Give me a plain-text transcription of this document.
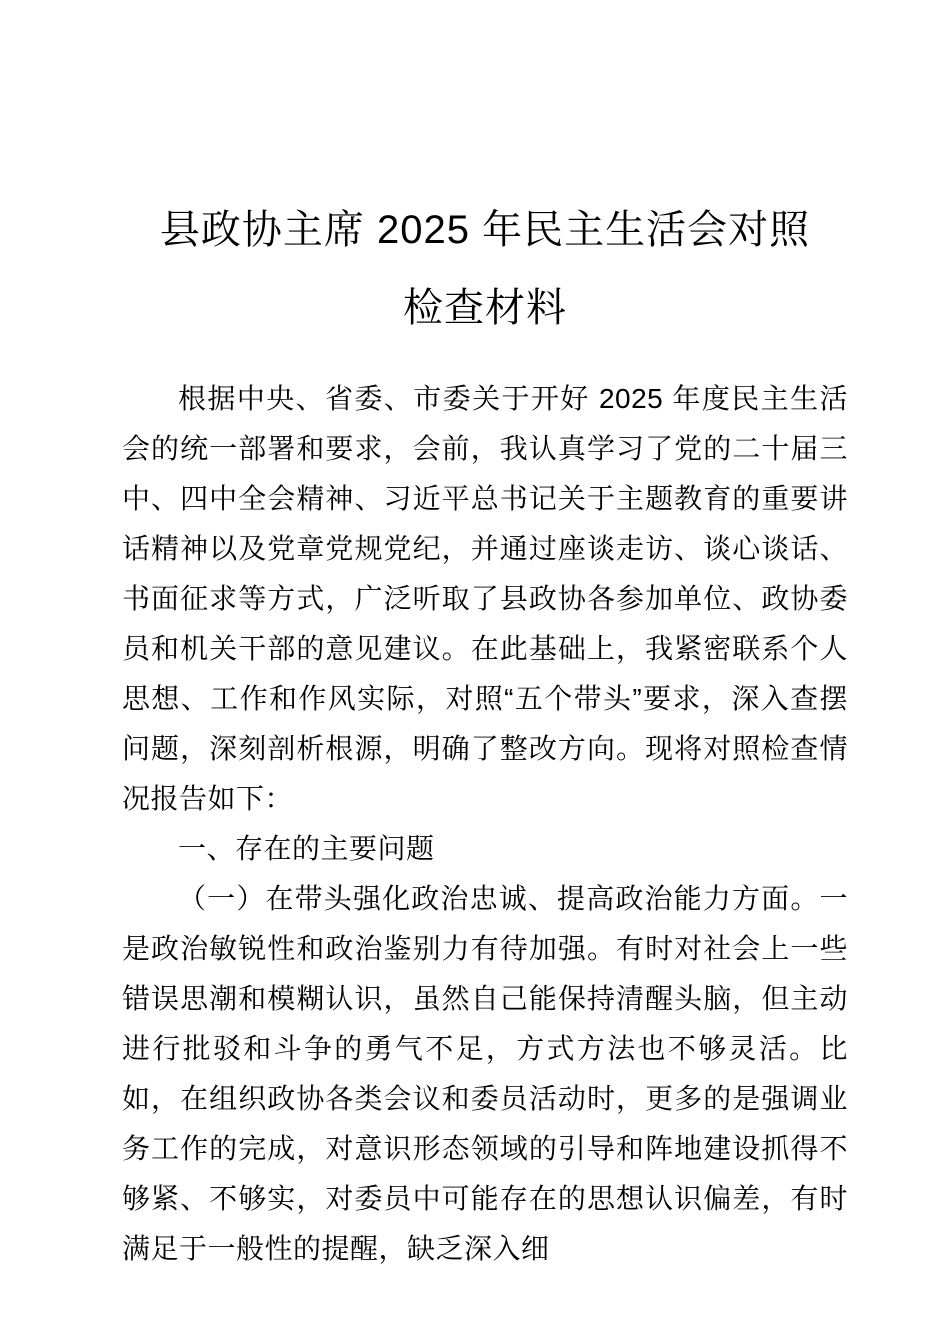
县政协主席 2025 年民主生活会对照
检查材料

根据中央、省委、市委关于开好 2025 年度民主生活会的统一部署和要求，会前，我认真学习了党的二十届三中、四中全会精神、习近平总书记关于主题教育的重要讲话精神以及党章党规党纪，并通过座谈走访、谈心谈话、书面征求等方式，广泛听取了县政协各参加单位、政协委员和机关干部的意见建议。在此基础上，我紧密联系个人思想、工作和作风实际，对照“五个带头”要求，深入查摆问题，深刻剖析根源，明确了整改方向。现将对照检查情况报告如下：

一、存在的主要问题

（一）在带头强化政治忠诚、提高政治能力方面。一是政治敏锐性和政治鉴别力有待加强。有时对社会上一些错误思潮和模糊认识，虽然自己能保持清醒头脑，但主动进行批驳和斗争的勇气不足，方式方法也不够灵活。比如，在组织政协各类会议和委员活动时，更多的是强调业务工作的完成，对意识形态领域的引导和阵地建设抓得不够紧、不够实，对委员中可能存在的思想认识偏差，有时满足于一般性的提醒，缺乏深入细
